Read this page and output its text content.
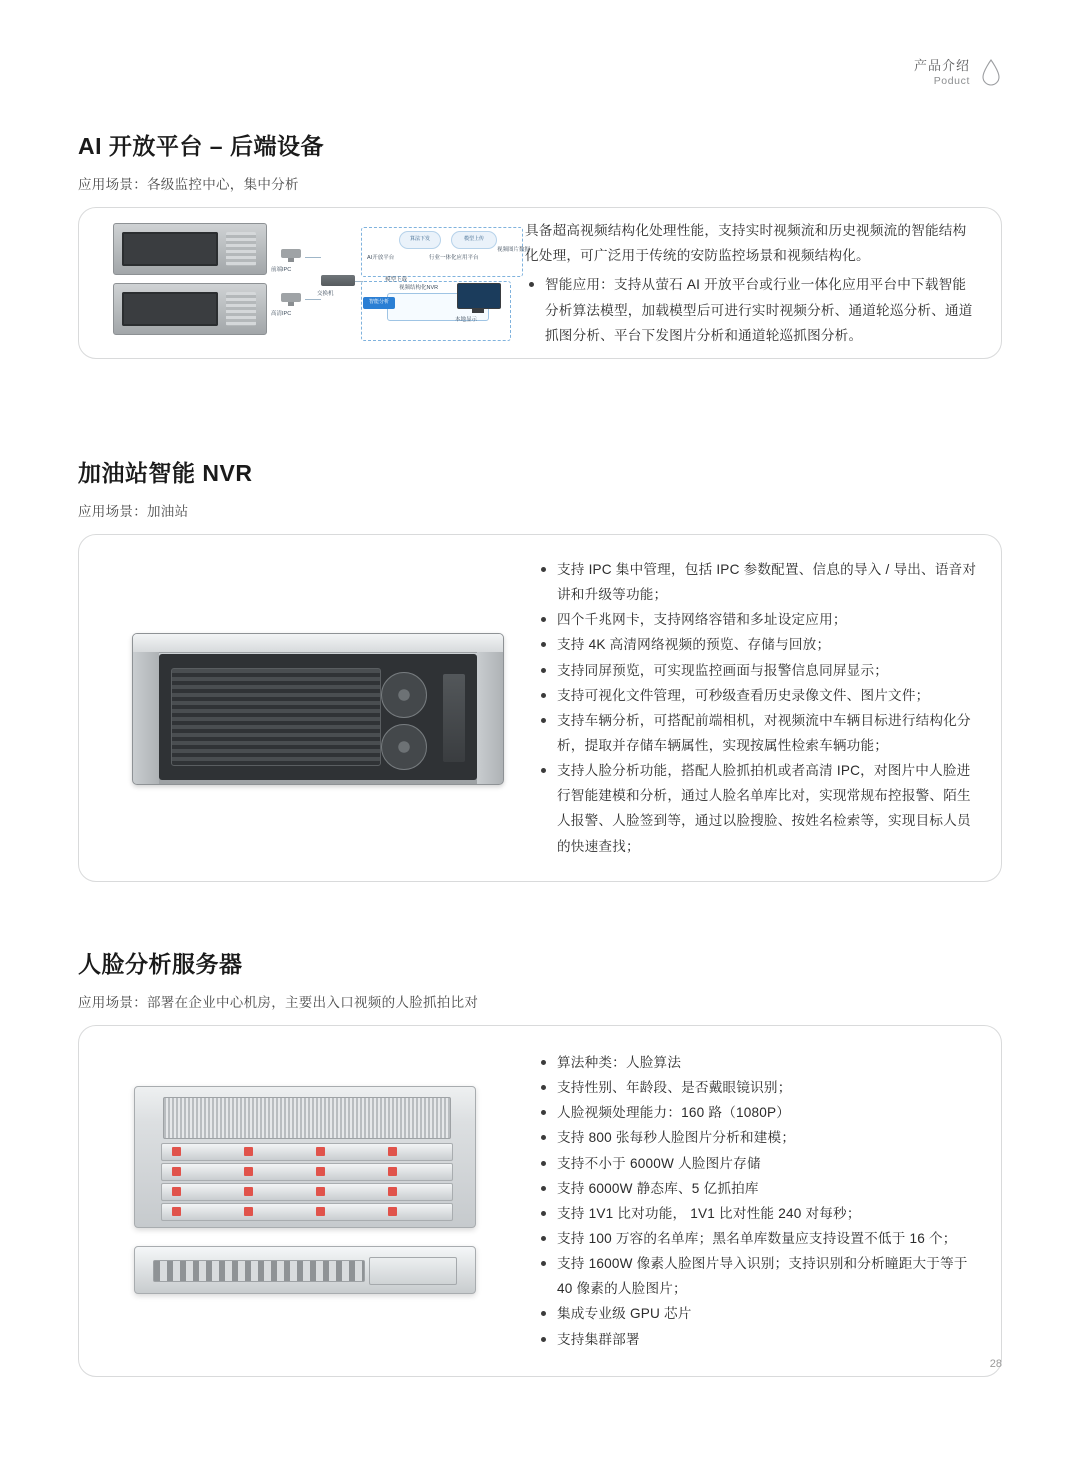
产品介绍
Poduct
AI 开放平台 – 后端设备
应用场景：各级监控中心，集中分析
前端IPC
高清IPC
交换机
算法下发	模型上传
AI开放平台	行业一体化应用平台
视频图片数据
模型下载
视频结构化NVR
智能分析
本地显示

具备超高视频结构化处理性能，支持实时视频流和历史视频流的智能结构化处理，可广泛用于传统的安防监控场景和视频结构化。

智能应用：支持从萤石 AI 开放平台或行业一体化应用平台中下载智能分析算法模型，加载模型后可进行实时视频分析、通道轮巡分析、通道抓图分析、平台下发图片分析和通道轮巡抓图分析。
加油站智能 NVR
应用场景：加油站
支持 IPC 集中管理，包括 IPC 参数配置、信息的导入 / 导出、语音对讲和升级等功能；
四个千兆网卡，支持网络容错和多址设定应用；
支持 4K 高清网络视频的预览、存储与回放；
支持同屏预览，可实现监控画面与报警信息同屏显示；
支持可视化文件管理，可秒级查看历史录像文件、图片文件；
支持车辆分析，可搭配前端相机，对视频流中车辆目标进行结构化分析，提取并存储车辆属性，实现按属性检索车辆功能；
支持人脸分析功能，搭配人脸抓拍机或者高清 IPC，对图片中人脸进行智能建模和分析，通过人脸名单库比对，实现常规布控报警、陌生人报警、人脸签到等，通过以脸搜脸、按姓名检索等，实现目标人员的快速查找；
人脸分析服务器
应用场景：部署在企业中心机房，主要出入口视频的人脸抓拍比对
算法种类：人脸算法
支持性别、年龄段、是否戴眼镜识别；
人脸视频处理能力：160 路（1080P）
支持 800 张每秒人脸图片分析和建模；
支持不小于 6000W 人脸图片存储
支持 6000W 静态库、5 亿抓拍库
支持 1V1 比对功能， 1V1 比对性能 240 对每秒；
支持 100 万容的名单库；黑名单库数量应支持设置不低于 16 个；
支持 1600W 像素人脸图片导入识别；支持识别和分析瞳距大于等于 40 像素的人脸图片；
集成专业级 GPU 芯片
支持集群部署
28
